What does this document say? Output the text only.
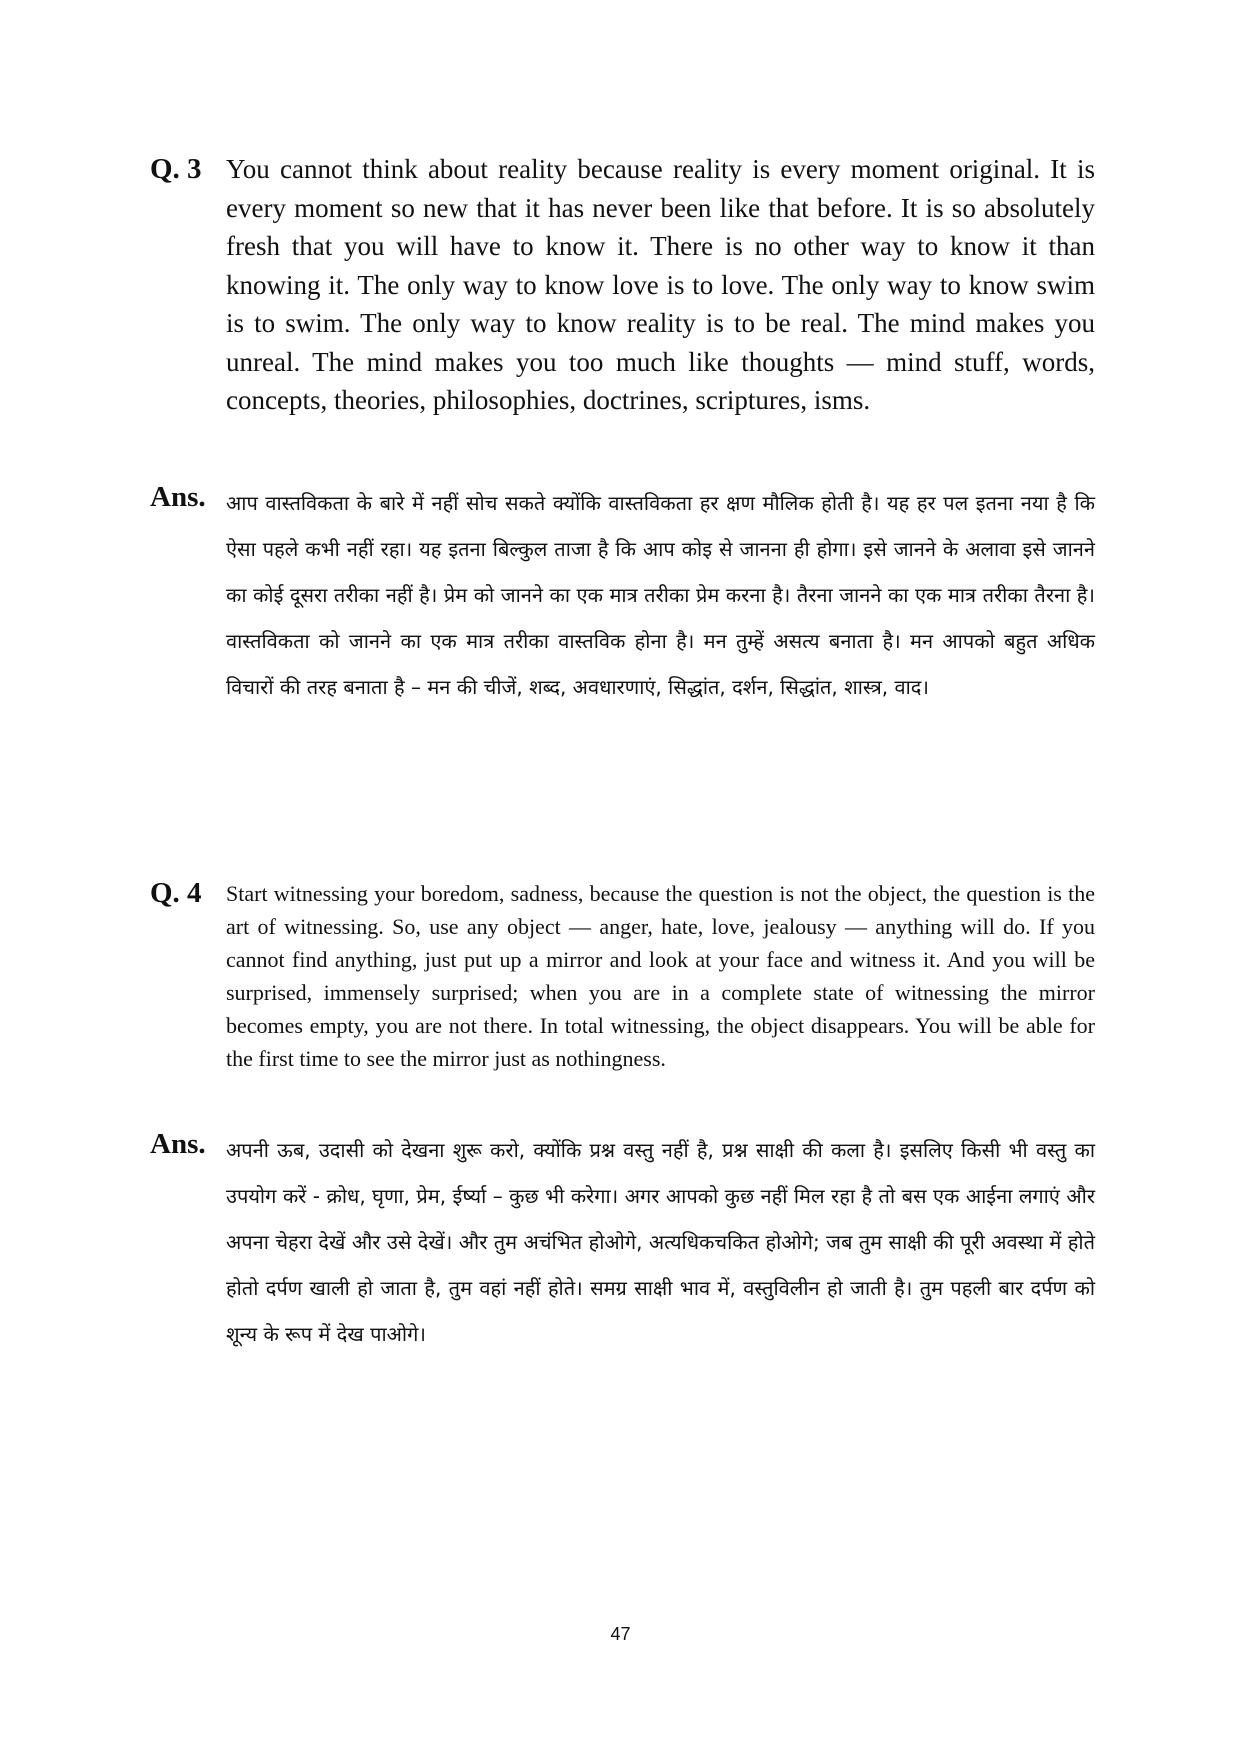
Q. 3 You cannot think about reality because reality is every moment original. It is every moment so new that it has never been like that before. It is so absolutely fresh that you will have to know it. There is no other way to know it than knowing it. The only way to know love is to love. The only way to know swim is to swim. The only way to know reality is to be real. The mind makes you unreal. The mind makes you too much like thoughts — mind stuff, words, concepts, theories, philosophies, doctrines, scriptures, isms.
Ans.	आप वास्तविकता के बारे में नहीं सोच सकते क्योंकि वास्तविकता हर क्षण मौलिक होती है। यह हर पल इतना नया है कि ऐसा पहले कभी नहीं रहा। यह इतना बिल्कुल ताजा है कि आप कोइ से जानना ही होगा। इसे जानने के अलावा इसे जानने का कोई दूसरा तरीका नहीं है। प्रेम को जानने का एक मात्र तरीका प्रेम करना है। तैरना जानने का एक मात्र तरीका तैरना है। वास्तविकता को जानने का एक मात्र तरीका वास्तविक होना है। मन तुम्हें असत्य बनाता है। मन आपको बहुत अधिक विचारों की तरह बनाता है – मन की चीजें, शब्द, अवधारणाएं, सिद्धांत, दर्शन, सिद्धांत, शास्त्र, वाद।
Q. 4	Start witnessing your boredom, sadness, because the question is not the object, the question is the art of witnessing. So, use any object — anger, hate, love, jealousy — anything will do. If you cannot find anything, just put up a mirror and look at your face and witness it. And you will be surprised, immensely surprised; when you are in a complete state of witnessing the mirror becomes empty, you are not there. In total witnessing, the object disappears. You will be able for the first time to see the mirror just as nothingness.
Ans.	अपनी ऊब, उदासी को देखना शुरू करो, क्योंकि प्रश्न वस्तु नहीं है, प्रश्न साक्षी की कला है। इसलिए किसी भी वस्तु का उपयोग करें - क्रोध, घृणा, प्रेम, ईर्ष्या – कुछ भी करेगा। अगर आपको कुछ नहीं मिल रहा है तो बस एक आईना लगाएं और अपना चेहरा देखें और उसे देखें। और तुम अचंभित होओगे, अत्यधिकचकित होओगे; जब तुम साक्षी की पूरी अवस्था में होते होतो दर्पण खाली हो जाता है, तुम वहां नहीं होते। समग्र साक्षी भाव में, वस्तुविलीन हो जाती है। तुम पहली बार दर्पण को शून्य के रूप में देख पाओगे।
47
